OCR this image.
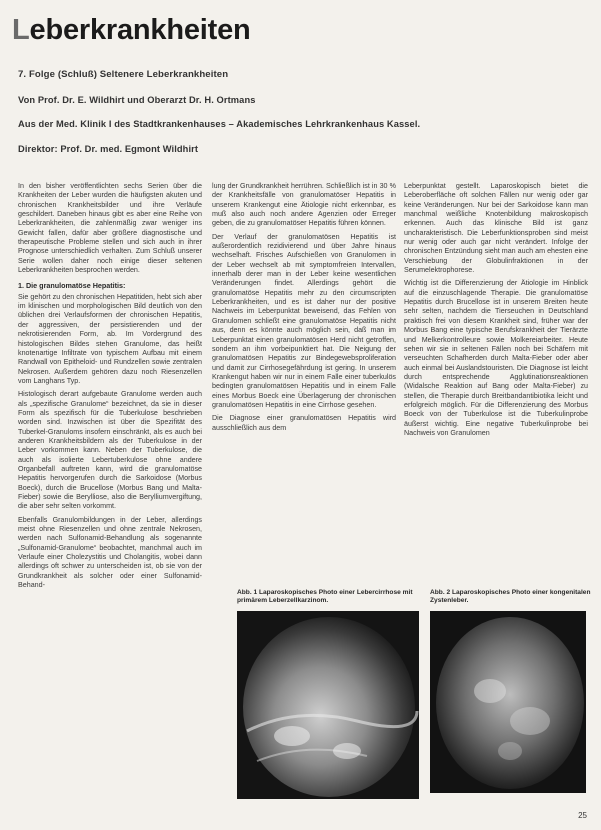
Leberkrankheiten
7. Folge (Schluß) Seltenere Leberkrankheiten
Von Prof. Dr. E. Wildhirt und Oberarzt Dr. H. Ortmans
Aus der Med. Klinik I des Stadtkrankenhauses – Akademisches Lehrkrankenhaus Kassel.
Direktor: Prof. Dr. med. Egmont Wildhirt

In den bisher veröffentlichten sechs Serien über die Krankheiten der Leber wurden die häufigsten akuten und chronischen Krankheitsbilder und ihre Verläufe geschildert. Daneben hinaus gibt es aber eine Reihe von Leberkrankheiten, die zahlenmäßig zwar weniger ins Gewicht fallen, dafür aber größere diagnostische und therapeutische Probleme stellen und sich auch in ihrer Prognose unterschiedlich verhalten. Zum Schluß unserer Serie wollen daher noch einige dieser seltenen Leberkrankheiten besprochen werden.

1. Die granulomatöse Hepatitis:

Sie gehört zu den chronischen Hepatitiden, hebt sich aber im klinischen und morphologischen Bild deutlich von den üblichen drei Verlaufsformen der chronischen Hepatitis, der aggressiven, der persistierenden und der nekrotisierenden Form, ab. Im Vordergrund des histologischen Bildes stehen Granulome, das heißt knotenartige Infiltrate von typischem Aufbau mit einem Randwall von Epitheloid- und Rundzellen sowie zentralen Nekrosen. Außerdem gehören dazu noch Riesenzellen vom Langhans Typ.

Histologisch derart aufgebaute Granulome werden auch als „spezifische Granulome“ bezeichnet, da sie in dieser Form als spezifisch für die Tuberkulose beschrieben worden sind. Inzwischen ist über die Spezifität des Tuberkel-Granuloms insofern einschränkt, als es auch bei anderen Krankheitsbildern als der Tuberkulose in der Leber vorkommen kann. Neben der Tuberkulose, die auch als isolierte Lebertuberkulose ohne andere Organbefall auftreten kann, wird die granulomatöse Hepatitis hervorgerufen durch die Sarkoidose (Morbus Boeck), durch die Brucellose (Morbus Bang und Malta-Fieber) sowie die Berylliose, also die Berylliumvergiftung, die aber sehr selten vorkommt.

Ebenfalls Granulombildungen in der Leber, allerdings meist ohne Riesenzellen und ohne zentrale Nekrosen, werden nach Sulfonamid-Behandlung als sogenannte „Sulfonamid-Granulome“ beobachtet, manchmal auch im Verlaufe einer Cholezystitis und Cholangitis, wobei dann allerdings oft schwer zu unterscheiden ist, ob sie von der Grundkrankheit als solcher oder einer Sulfonamid-Behand-

lung der Grundkrankheit herrühren. Schließlich ist in 30 % der Krankheitsfälle von granulomatöser Hepatitis in unserem Krankengut eine Ätiologie nicht erkennbar, es muß also auch noch andere Agenzien oder Erreger geben, die zu granulomatöser Hepatitis führen können.

Der Verlauf der granulomatösen Hepatitis ist außerordentlich rezidivierend und über Jahre hinaus wechselhaft. Frisches Aufschießen von Granulomen in der Leber wechselt ab mit symptomfreien Intervallen, innerhalb derer man in der Leber keine wesentlichen Veränderungen findet. Allerdings gehört die granulomatöse Hepatitis mehr zu den circumscripten Leberkrankheiten, und es ist daher nur der positive Nachweis im Leberpunktat beweisend, das Fehlen von Granulomen schließt eine granulomatöse Hepatitis nicht aus, denn es könnte auch möglich sein, daß man im Leberpunktat einen granulomatösen Herd nicht getroffen, sondern an ihm vorbeipunktiert hat. Die Neigung der granulomatösen Hepatitis zur Bindegewebsproliferation und damit zur Cirrhosegefährdung ist gering. In unserem Krankengut haben wir nur in einem Falle einer tuberkulös bedingten granulomatösen Hepatitis und in einem Falle eines Morbus Boeck eine Überlagerung der chronischen granulomatösen Hepatitis in eine Cirrhose gesehen.

Die Diagnose einer granulomatösen Hepatitis wird ausschließlich aus dem

Leberpunktat gestellt. Laparoskopisch bietet die Leberoberfläche oft solchen Fällen nur wenig oder gar keine Veränderungen. Nur bei der Sarkoidose kann man manchmal weißliche Knotenbildung makroskopisch erkennen. Auch das klinische Bild ist ganz uncharakteristisch. Die Leberfunktionsproben sind meist nur wenig oder auch gar nicht verändert. Infolge der chronischen Entzündung sieht man auch am ehesten eine Verschiebung der Globulinfraktionen in der Serumelektrophorese.

Wichtig ist die Differenzierung der Ätiologie im Hinblick auf die einzuschlagende Therapie. Die granulomatöse Hepatitis durch Brucellose ist in unserem Breiten heute sehr selten, nachdem die Tierseuchen in Deutschland praktisch frei von diesem Krankheit sind, früher war der Morbus Bang eine typische Berufskrankheit der Tierärzte und Melkerkontrolleure sowie Molkereiarbeiter. Heute sehen wir sie in seltenen Fällen noch bei Schäfern mit verseuchten Schafherden durch Malta-Fieber oder aber auch einmal bei Auslandstouristen. Die Diagnose ist leicht durch entsprechende Agglutinationsreaktionen (Widalsche Reaktion auf Bang oder Malta-Fieber) zu stellen, die Therapie durch Breitbandantibiotika leicht und erfolgreich möglich. Für die Differenzierung des Morbus Boeck von der Tuberkulose ist die Tuberkulinprobe äußerst wichtig. Eine negative Tuberkulinprobe bei Nachweis von Granulomen

Abb. 1 Laparoskopisches Photo einer Lebercirrhose mit primärem Leberzellkarzinom.
Abb. 2 Laparoskopisches Photo einer kongenitalen Zystenleber.
25
